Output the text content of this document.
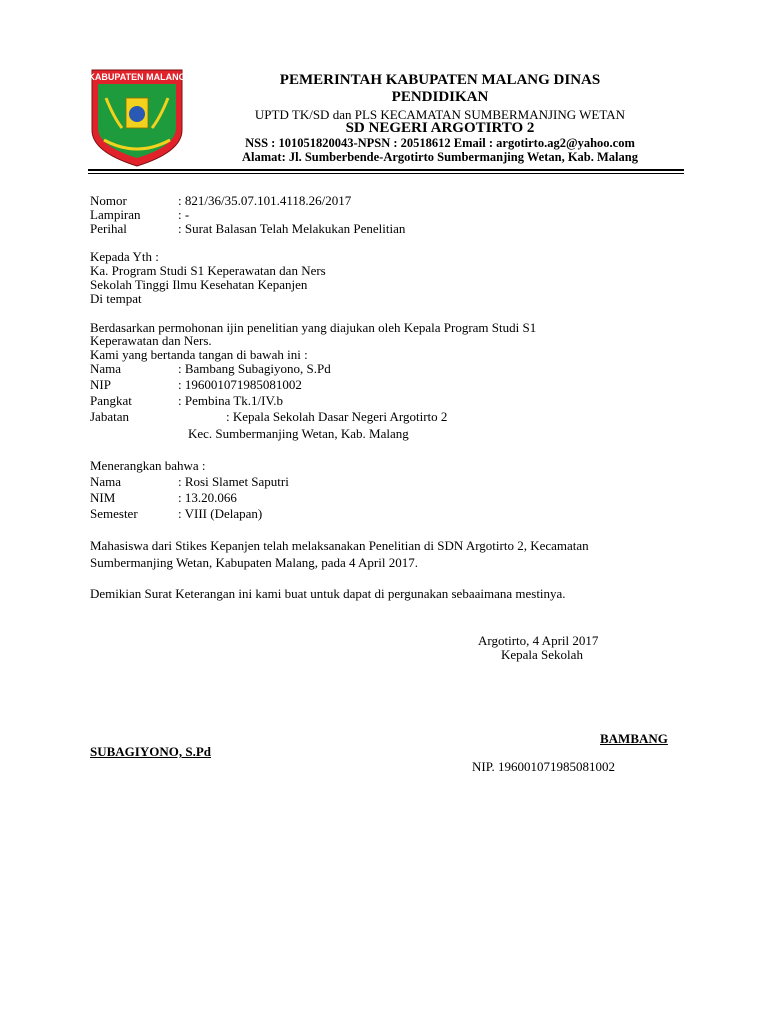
KABUPATEN MALANG	PEMERINTAH KABUPATEN MALANG DINAS
PENDIDIKAN
UPTD TK/SD dan PLS KECAMATAN SUMBERMANJING WETAN
SD NEGERI ARGOTIRTO 2
NSS : 101051820043-NPSN : 20518612 Email : argotirto.ag2@yahoo.com
Alamat: Jl. Sumberbende-Argotirto Sumbermanjing Wetan, Kab. Malang
Nomor	: 821/36/35.07.101.4118.26/2017
Lampiran	: -
Perihal	: Surat Balasan Telah Melakukan Penelitian
Kepada Yth :
Ka. Program Studi S1 Keperawatan dan Ners
Sekolah Tinggi Ilmu Kesehatan Kepanjen
Di tempat
Berdasarkan permohonan ijin penelitian yang diajukan oleh Kepala Program Studi S1
Keperawatan dan Ners.
Kami yang bertanda tangan di bawah ini :
Nama	: Bambang Subagiyono, S.Pd
NIP	: 196001071985081002
Pangkat	: Pembina Tk.1/IV.b
Jabatan	: Kepala Sekolah Dasar Negeri Argotirto 2
Kec. Sumbermanjing Wetan, Kab. Malang
Menerangkan bahwa :
Nama	: Rosi Slamet Saputri
NIM	: 13.20.066
Semester	: VIII (Delapan)
Mahasiswa dari Stikes Kepanjen telah melaksanakan Penelitian di SDN Argotirto 2, Kecamatan
Sumbermanjing Wetan, Kabupaten Malang, pada 4 April 2017.
Demikian Surat Keterangan ini kami buat untuk dapat di pergunakan sebaaimana mestinya.
Argotirto, 4 April 2017
Kepala Sekolah
BAMBANG
SUBAGIYONO, S.Pd
NIP. 196001071985081002
